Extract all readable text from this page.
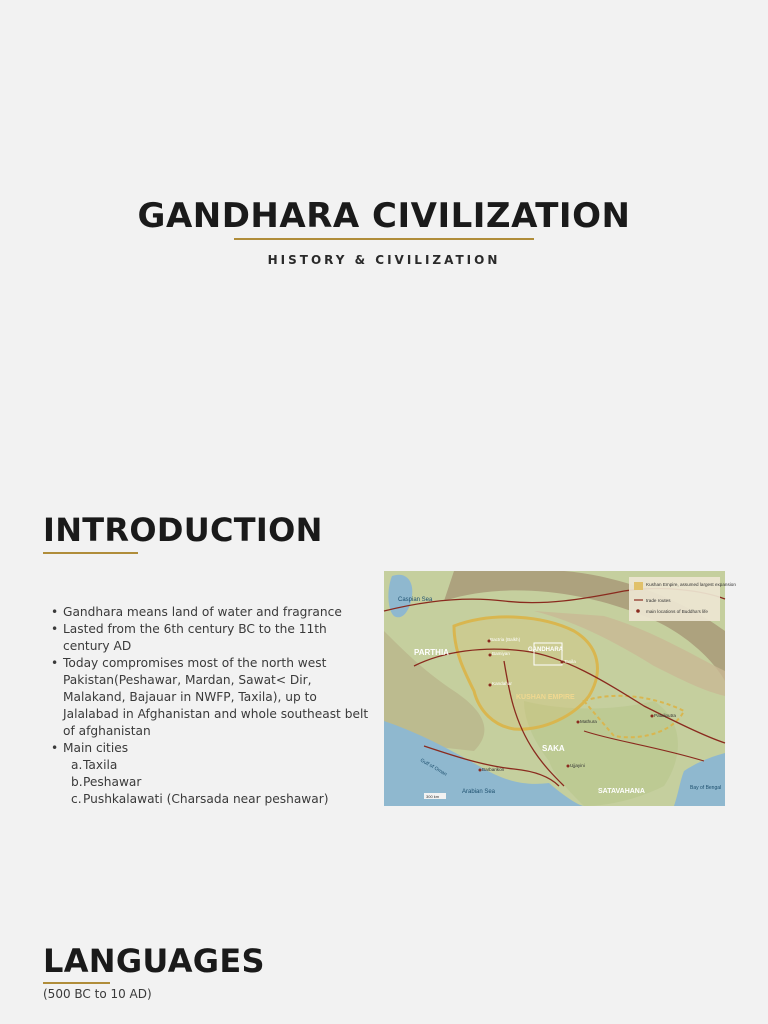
GANDHARA CIVILIZATION
HISTORY & CIVILIZATION
INTRODUCTION
• Gandhara means land of water and fragrance
• Lasted from the 6th century BC to the 11th century AD
• Today compromises most of the north west Pakistan(Peshawar, Mardan, Sawat< Dir, Malakand, Bajauar in NWFP, Taxila), up to Jalalabad in Afghanistan and whole southeast belt of afghanistan
• Main cities
a. Taxila
b. Peshawar
c. Pushkalawati (Charsada near peshawar)
Kushan Empire, assumed largest expansion
trade routes
main locations of Buddha's life
Caspian Sea
PARTHIA	GANDHARA
KUSHAN EMPIRE
SAKA
SATAVAHANA
Gulf of Oman
Arabian Sea
Bay of Bengal
Bactria (Balkh)
Bamiyan
Kandahar
Taxila
Mathura
Ujjayini
Barbarikon
Pataliputra
300 km
LANGUAGES
(500 BC to 10 AD)
